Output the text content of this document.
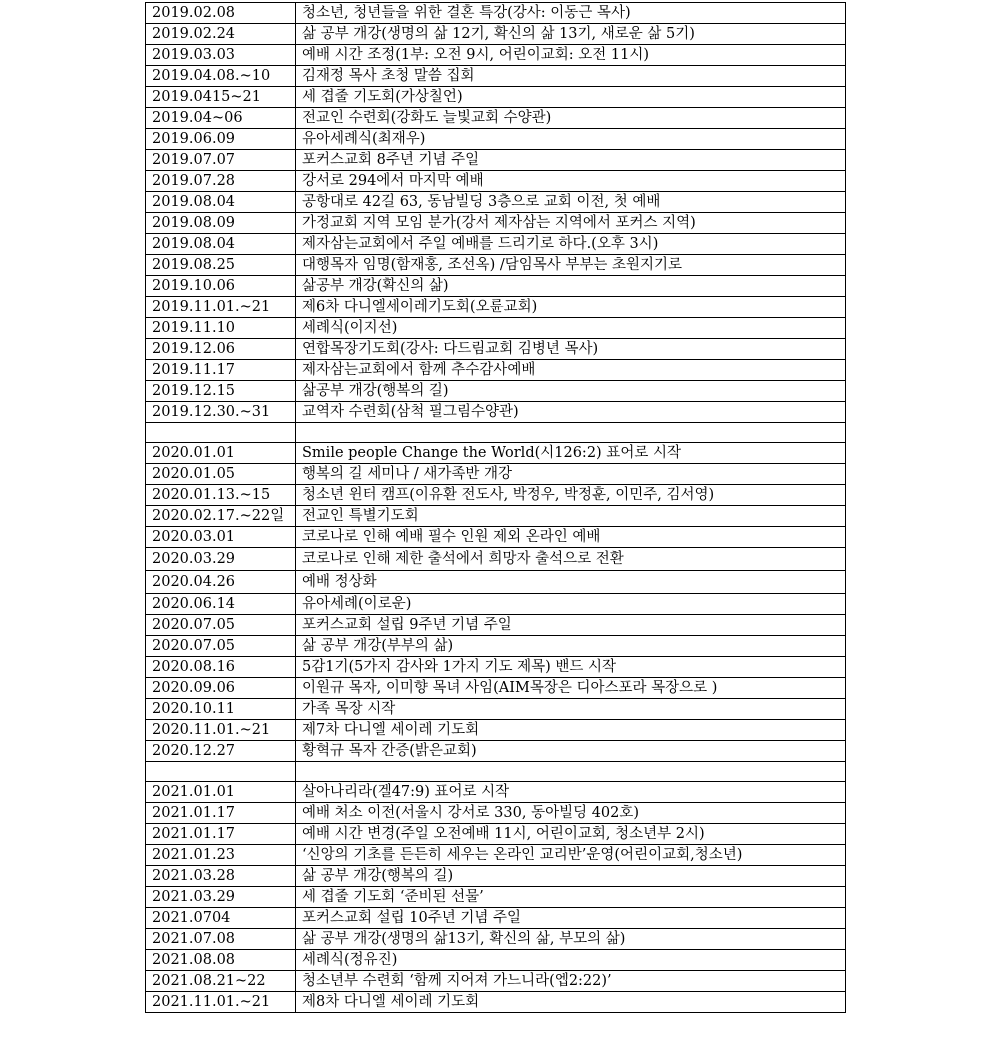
2019.02.08	청소년, 청년들을 위한 결혼 특강(강사: 이동근 목사)
2019.02.24	삶 공부 개강(생명의 삶 12기, 확신의 삶 13기, 새로운 삶 5기)
2019.03.03	예배 시간 조정(1부: 오전 9시, 어린이교회: 오전 11시)
2019.04.08.~10	김재정 목사 초청 말씀 집회
2019.0415~21	세 겹줄 기도회(가상칠언)
2019.04~06	전교인 수련회(강화도 늘빛교회 수양관)
2019.06.09	유아세례식(최재우)
2019.07.07	포커스교회 8주년 기념 주일
2019.07.28	강서로 294에서 마지막 예배
2019.08.04	공항대로 42길 63, 동남빌딩 3층으로 교회 이전, 첫 예배
2019.08.09	가정교회 지역 모임 분가(강서 제자삼는 지역에서 포커스 지역)
2019.08.04	제자삼는교회에서 주일 예배를 드리기로 하다.(오후 3시)
2019.08.25	대행목자 임명(함재홍, 조선옥) /담임목사 부부는 초원지기로
2019.10.06	삶공부 개강(확신의 삶)
2019.11.01.~21	제6차 다니엘세이레기도회(오륜교회)
2019.11.10	세례식(이지선)
2019.12.06	연합목장기도회(강사: 다드림교회 김병년 목사)
2019.11.17	제자삼는교회에서 함께 추수감사예배
2019.12.15	삶공부 개강(행복의 길)
2019.12.30.~31	교역자 수련회(삼척 필그림수양관)

2020.01.01	Smile people Change the World(시126:2) 표어로 시작
2020.01.05	행복의 길 세미나 / 새가족반 개강
2020.01.13.~15	청소년 윈터 캠프(이유환 전도사, 박정우, 박정훈, 이민주, 김서영)
2020.02.17.~22일	전교인 특별기도회
2020.03.01	코로나로 인해 예배 필수 인원 제외 온라인 예배
2020.03.29	코로나로 인해 제한 출석에서 희망자 출석으로 전환
2020.04.26	예배 정상화
2020.06.14	유아세례(이로운)
2020.07.05	포커스교회 설립 9주년 기념 주일
2020.07.05	삶 공부 개강(부부의 삶)
2020.08.16	5감1기(5가지 감사와 1가지 기도 제목) 밴드 시작
2020.09.06	이원규 목자, 이미향 목녀 사임(AIM목장은 디아스포라 목장으로 )
2020.10.11	가족 목장 시작
2020.11.01.~21	제7차 다니엘 세이레 기도회
2020.12.27	황혁규 목자 간증(밝은교회)

2021.01.01	살아나리라(겔47:9) 표어로 시작
2021.01.17	예배 처소 이전(서울시 강서로 330, 동아빌딩 402호)
2021.01.17	예배 시간 변경(주일 오전예배 11시, 어린이교회, 청소년부 2시)
2021.01.23	‘신앙의 기초를 든든히 세우는 온라인 교리반’운영(어린이교회,청소년)
2021.03.28	삶 공부 개강(행복의 길)
2021.03.29	세 겹줄 기도회 ‘준비된 선물’
2021.0704	포커스교회 설립 10주년 기념 주일
2021.07.08	삶 공부 개강(생명의 삶13기, 확신의 삶, 부모의 삶)
2021.08.08	세례식(정유진)
2021.08.21~22	청소년부 수련회 ‘함께 지어져 가느니라(엡2:22)’
2021.11.01.~21	제8차 다니엘 세이레 기도회
